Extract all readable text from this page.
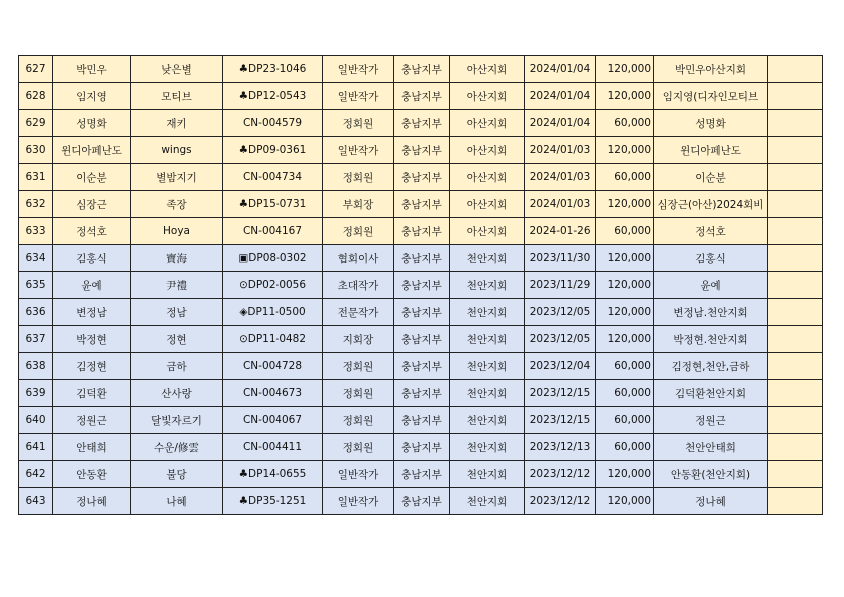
627	박민우	낮은별	♣DP23-1046	일반작가	충남지부	아산지회	2024/01/04	120,000	박민우아산지회	
628	임지영	모티브	♣DP12-0543	일반작가	충남지부	아산지회	2024/01/04	120,000	임지영(디자인모티브	
629	성명화	재키	CN-004579	정회원	충남지부	아산지회	2024/01/04	60,000	성명화	
630	윈디아페난도	wings	♣DP09-0361	일반작가	충남지부	아산지회	2024/01/03	120,000	윈디아페난도	
631	이순분	별밤지기	CN-004734	정회원	충남지부	아산지회	2024/01/03	60,000	이순분	
632	심장근	족장	♣DP15-0731	부회장	충남지부	아산지회	2024/01/03	120,000	심장근(아산)2024회비	
633	정석호	Hoya	CN-004167	정회원	충남지부	아산지회	2024-01-26	60,000	정석호	
634	김홍식	寶海	▣DP08-0302	협회이사	충남지부	천안지회	2023/11/30	120,000	김홍식	
635	윤예	尹禮	⊙DP02-0056	초대작가	충남지부	천안지회	2023/11/29	120,000	윤예	
636	변정남	정남	◈DP11-0500	전문작가	충남지부	천안지회	2023/12/05	120,000	변정남.천안지회	
637	박정현	정현	⊙DP11-0482	지회장	충남지부	천안지회	2023/12/05	120,000	박정현.천안지회	
638	김정현	금하	CN-004728	정회원	충남지부	천안지회	2023/12/04	60,000	김정현,천안,금하	
639	김덕환	산사랑	CN-004673	정회원	충남지부	천안지회	2023/12/15	60,000	김덕환천안지회	
640	정원근	달빛자르기	CN-004067	정회원	충남지부	천안지회	2023/12/15	60,000	정원근	
641	안태희	수운/修雲	CN-004411	정회원	충남지부	천안지회	2023/12/13	60,000	천안안태희	
642	안동환	불당	♣DP14-0655	일반작가	충남지부	천안지회	2023/12/12	120,000	안동환(천안지회)	
643	정나혜	나혜	♣DP35-1251	일반작가	충남지부	천안지회	2023/12/12	120,000	정나혜	
